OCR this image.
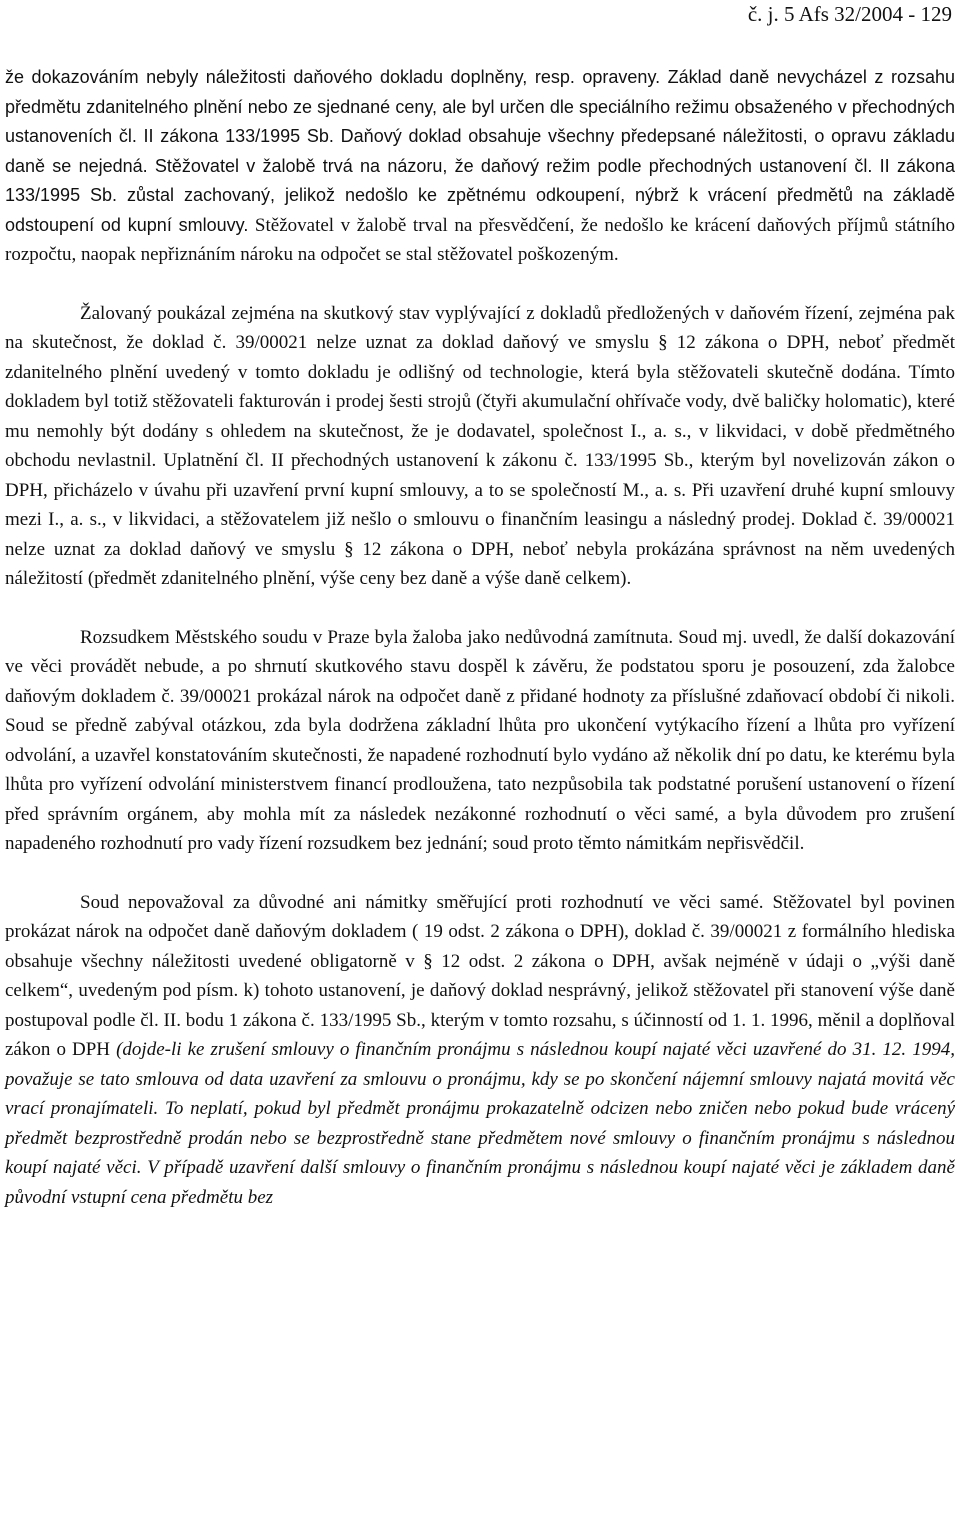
č. j. 5 Afs 32/2004 - 129

že dokazováním nebyly náležitosti daňového dokladu doplněny, resp. opraveny. Základ daně nevycházel z rozsahu předmětu zdanitelného plnění nebo ze sjednané ceny, ale byl určen dle speciálního režimu obsaženého v přechodných ustanoveních čl. II zákona 133/1995 Sb. Daňový doklad obsahuje všechny předepsané náležitosti, o opravu základu daně se nejedná. Stěžovatel v žalobě trvá na názoru, že daňový režim podle přechodných ustanovení čl. II zákona 133/1995 Sb. zůstal zachovaný, jelikož nedošlo ke zpětnému odkoupení, nýbrž k vrácení předmětů na základě odstoupení od kupní smlouvy. Stěžovatel v žalobě trval na přesvědčení, že nedošlo ke krácení daňových příjmů státního rozpočtu, naopak nepřiznáním nároku na odpočet se stal stěžovatel poškozeným.

Žalovaný poukázal zejména na skutkový stav vyplývající z dokladů předložených v daňovém řízení, zejména pak na skutečnost, že doklad č. 39/00021 nelze uznat za doklad daňový ve smyslu § 12 zákona o DPH, neboť předmět zdanitelného plnění uvedený v tomto dokladu je odlišný od technologie, která byla stěžovateli skutečně dodána. Tímto dokladem byl totiž stěžovateli fakturován i prodej šesti strojů (čtyři akumulační ohřívače vody, dvě baličky holomatic), které mu nemohly být dodány s ohledem na skutečnost, že je dodavatel, společnost I., a. s., v likvidaci, v době předmětného obchodu nevlastnil. Uplatnění čl. II přechodných ustanovení k zákonu č. 133/1995 Sb., kterým byl novelizován zákon o DPH, přicházelo v úvahu při uzavření první kupní smlouvy, a to se společností M., a. s. Při uzavření druhé kupní smlouvy mezi I., a. s., v likvidaci, a stěžovatelem již nešlo o smlouvu o finančním leasingu a následný prodej. Doklad č. 39/00021 nelze uznat za doklad daňový ve smyslu § 12 zákona o DPH, neboť nebyla prokázána správnost na něm uvedených náležitostí (předmět zdanitelného plnění, výše ceny bez daně a výše daně celkem).

Rozsudkem Městského soudu v Praze byla žaloba jako nedůvodná zamítnuta. Soud mj. uvedl, že další dokazování ve věci provádět nebude, a po shrnutí skutkového stavu dospěl k závěru, že podstatou sporu je posouzení, zda žalobce daňovým dokladem č. 39/00021 prokázal nárok na odpočet daně z přidané hodnoty za příslušné zdaňovací období či nikoli. Soud se předně zabýval otázkou, zda byla dodržena základní lhůta pro ukončení vytýkacího řízení a lhůta pro vyřízení odvolání, a uzavřel konstatováním skutečnosti, že napadené rozhodnutí bylo vydáno až několik dní po datu, ke kterému byla lhůta pro vyřízení odvolání ministerstvem financí prodloužena, tato nezpůsobila tak podstatné porušení ustanovení o řízení před správním orgánem, aby mohla mít za následek nezákonné rozhodnutí o věci samé, a byla důvodem pro zrušení napadeného rozhodnutí pro vady řízení rozsudkem bez jednání; soud proto těmto námitkám nepřisvědčil.

Soud nepovažoval za důvodné ani námitky směřující proti rozhodnutí ve věci samé. Stěžovatel byl povinen prokázat nárok na odpočet daně daňovým dokladem ( 19 odst. 2 zákona o DPH), doklad č. 39/00021 z formálního hlediska obsahuje všechny náležitosti uvedené obligatorně v § 12 odst. 2 zákona o DPH, avšak nejméně v údaji o „výši daně celkem“, uvedeným pod písm. k) tohoto ustanovení, je daňový doklad nesprávný, jelikož stěžovatel při stanovení výše daně postupoval podle čl. II. bodu 1 zákona č. 133/1995 Sb., kterým v tomto rozsahu, s účinností od 1. 1. 1996, měnil a doplňoval zákon o DPH (dojde-li ke zrušení smlouvy o finančním pronájmu s následnou koupí najaté věci uzavřené do 31. 12. 1994, považuje se tato smlouva od data uzavření za smlouvu o pronájmu, kdy se po skončení nájemní smlouvy najatá movitá věc vrací pronajímateli. To neplatí, pokud byl předmět pronájmu prokazatelně odcizen nebo zničen nebo pokud bude vrácený předmět bezprostředně prodán nebo se bezprostředně stane předmětem nové smlouvy o finančním pronájmu s následnou koupí najaté věci. V případě uzavření další smlouvy o finančním pronájmu s následnou koupí najaté věci je základem daně původní vstupní cena předmětu bez
